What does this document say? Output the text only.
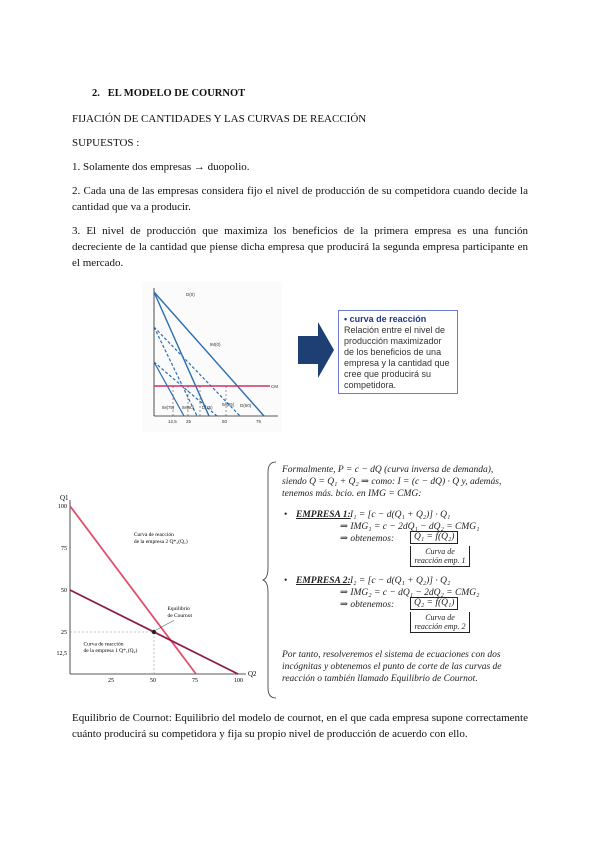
2.   EL MODELO DE COURNOT
FIJACIÓN DE CANTIDADES Y LAS CURVAS DE REACCIÓN
SUPUESTOS :
1. Solamente dos empresas → duopolio.
2. Cada una de las empresas considera fijo el nivel de producción de su competidora cuando decide la cantidad que va a producir.
3. El nivel de producción que maximiza los beneficios de la primera empresa es una función decreciente de la cantidad que piense dicha empresa que producirá la segunda empresa participante en el mercado.
D(0)
IM(0)
CM
D(50)
IM(75) IM(50) D(75)
IM(25)
12,5 25	50	75
• curva de reacción
Relación entre el nivel de producción maximizador de los beneficios de una empresa y la cantidad que cree que producirá su competidora.
Q1
Q2
25	50	75	100
100
75
50
25
12,5
Curva de reacción
de la empresa 2 Q*₂(Q₁)
Curva de reacción
de la empresa 1 Q*₁(Q₂)
Equilibrio
de Cournot
Formalmente, P = c − dQ (curva inversa de demanda),
siendo Q = Q₁ + Q₂ ⇒ como: I = (c − dQ) · Q y, además,
tenemos más. bcio. en IMG = CMG:
• EMPRESA 1: I₁ = [c − d(Q₁ + Q₂)] · Q₁
⇒ IMG₁ = c − 2dQ₁ − dQ₂ = CMG₁
⇒ obtenemos:	Q₁ = f(Q₂)
Curva de
reacción emp. 1
• EMPRESA 2: I₂ = [c − d(Q₁ + Q₂)] · Q₂
⇒ IMG₂ = c − dQ₁ − 2dQ₂ = CMG₂
⇒ obtenemos:	Q₂ = f(Q₁)
Curva de
reacción emp. 2
Por tanto, resolveremos el sistema de ecuaciones con dos
incógnitas y obtenemos el punto de corte de las curvas de
reacción o también llamado Equilibrio de Cournot.
Equilibrio de Cournot: Equilibrio del modelo de cournot, en el que cada empresa supone correctamente cuánto producirá su competidora y fija su propio nivel de producción de acuerdo con ello.
